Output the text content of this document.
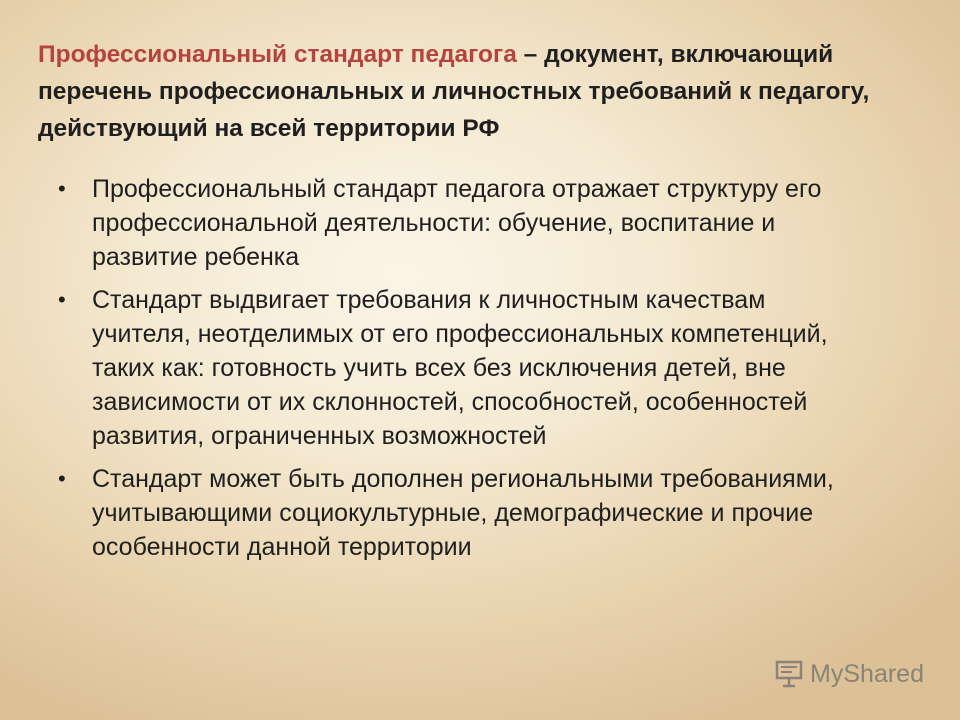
Профессиональный стандарт педагога – документ, включающий перечень профессиональных и личностных требований к педагогу, действующий на всей территории РФ
• Профессиональный стандарт педагога отражает структуру его профессиональной деятельности: обучение, воспитание и развитие ребенка
• Стандарт выдвигает требования к личностным качествам учителя, неотделимых от его профессиональных компетенций, таких как: готовность учить всех без исключения детей, вне зависимости от их склонностей, способностей, особенностей развития, ограниченных возможностей
• Стандарт может быть дополнен региональными требованиями, учитывающими социокультурные, демографические и прочие особенности данной территории
MyShared
